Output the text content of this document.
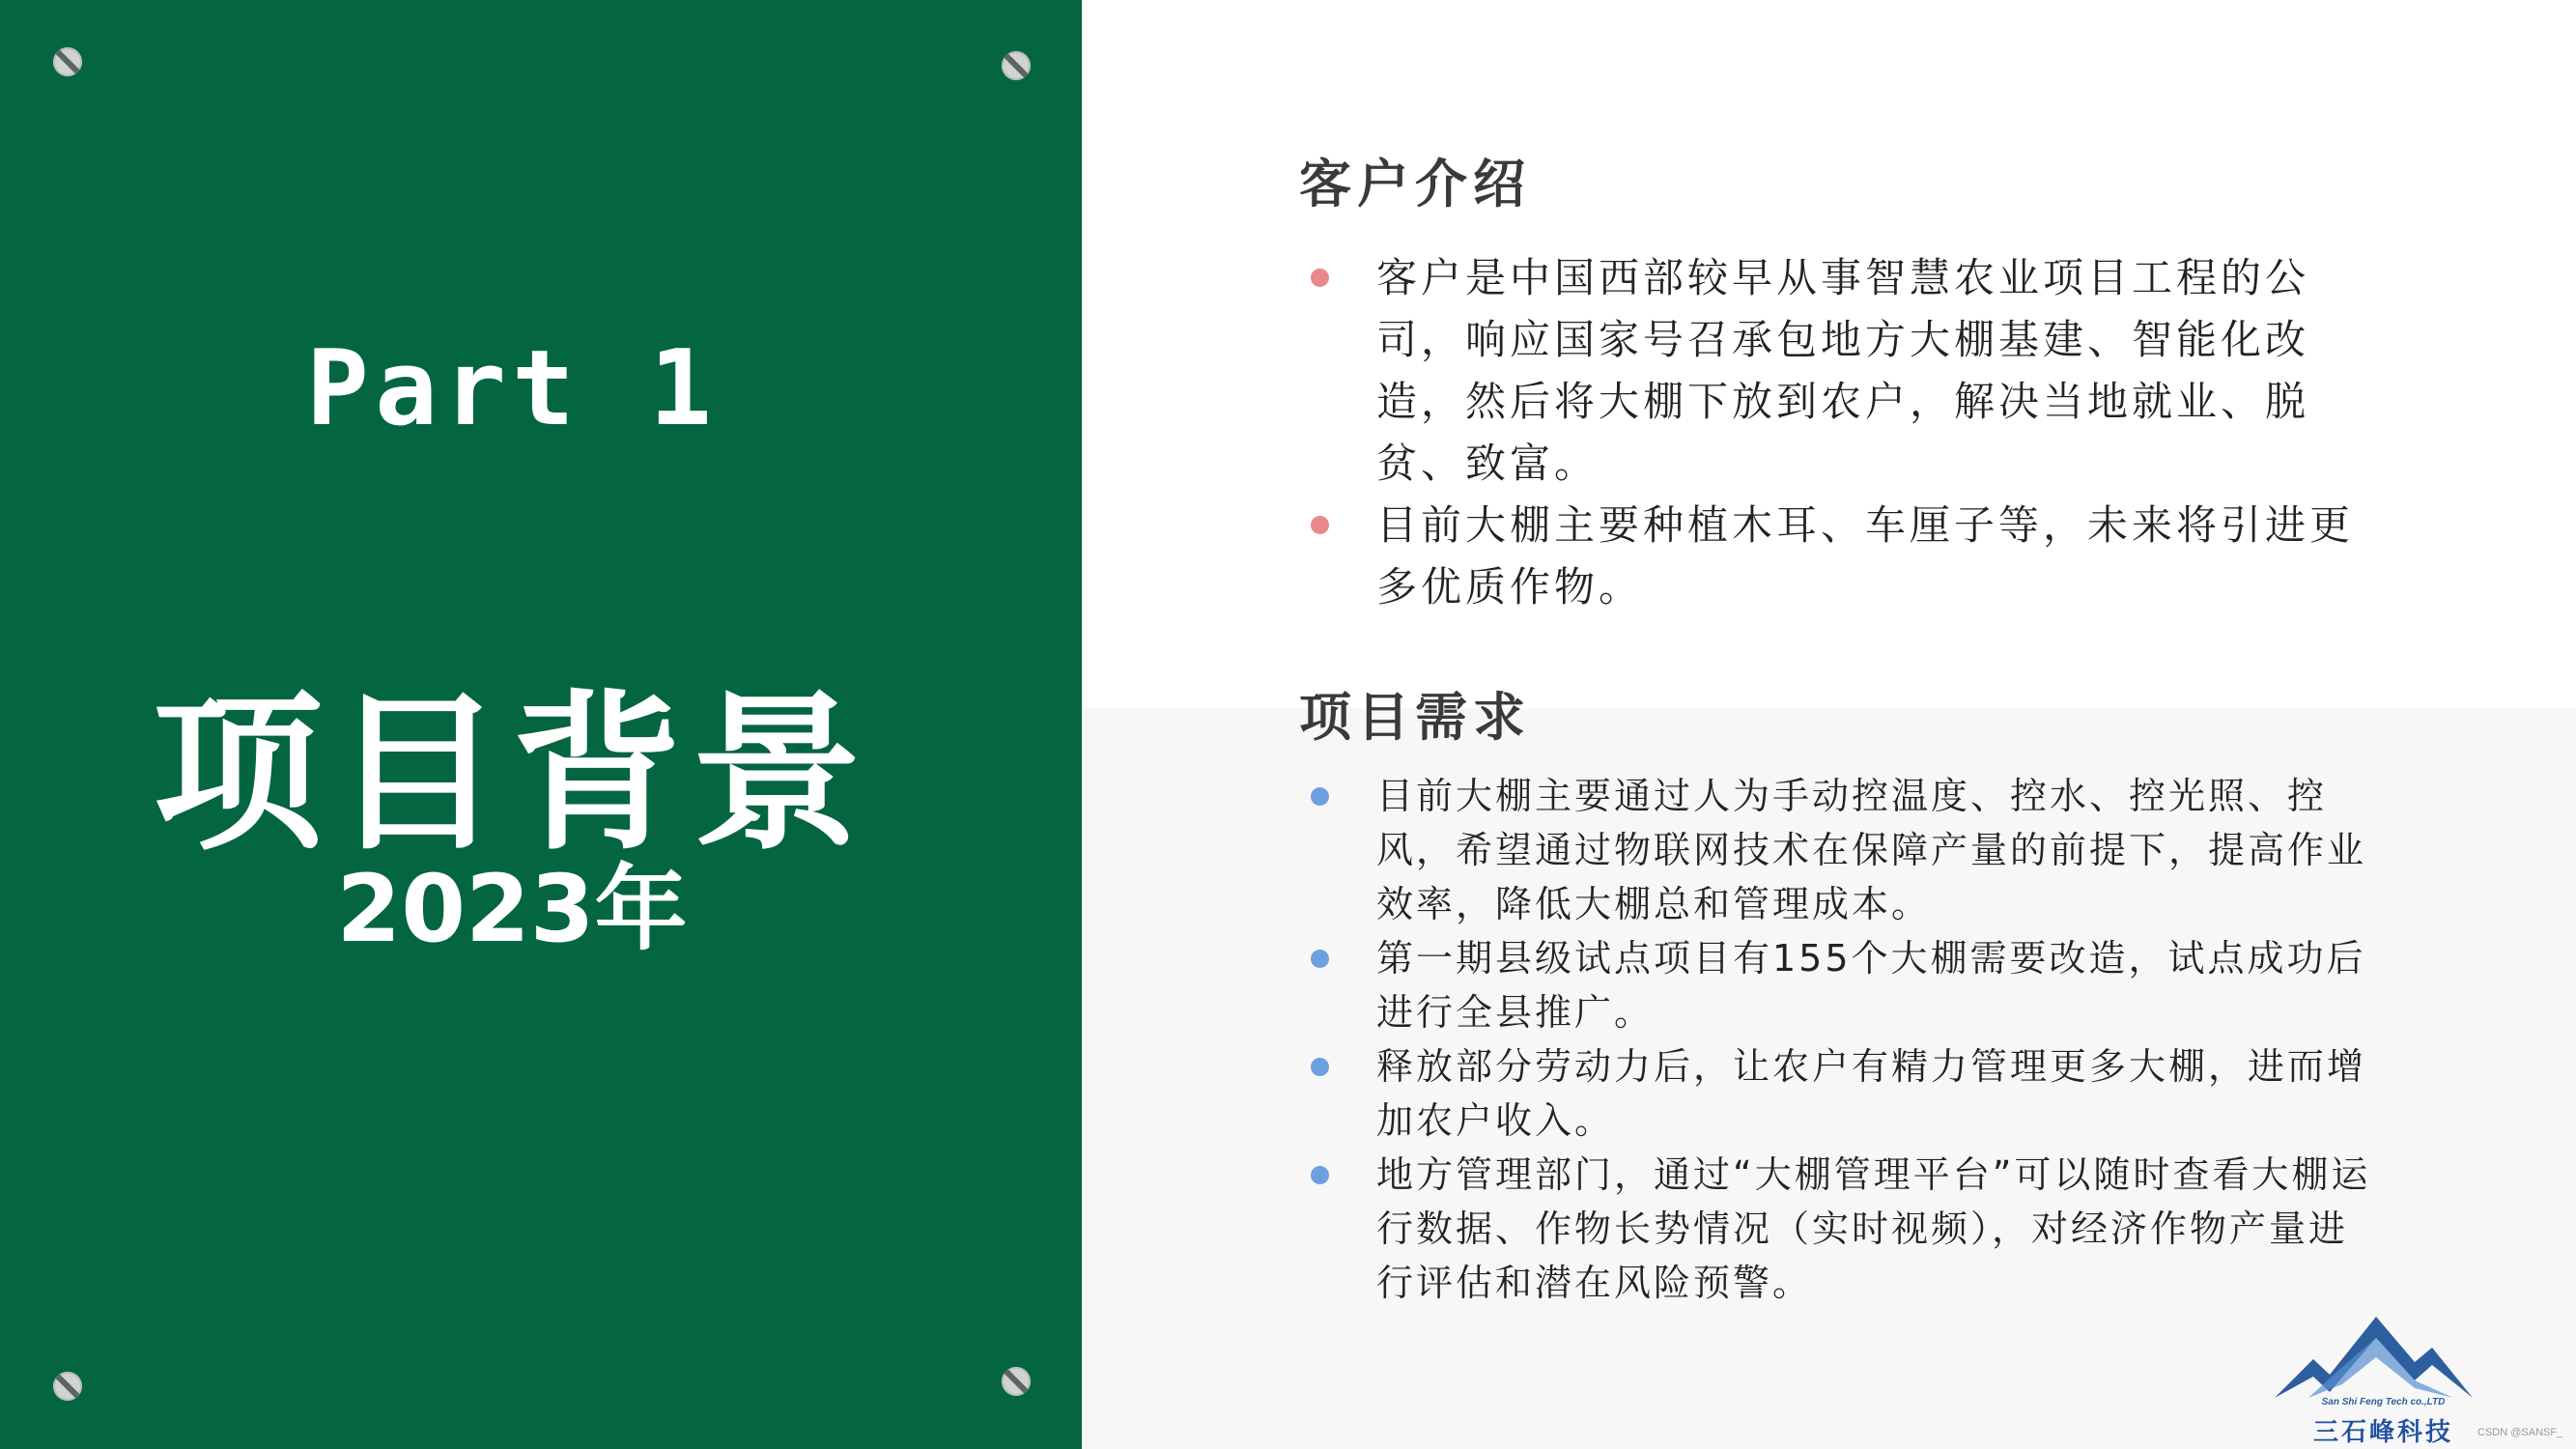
Part 1
项目背景
2023年
客户介绍
客户是中国西部较早从事智慧农业项目工程的公司，响应国家号召承包地方大棚基建、智能化改造，然后将大棚下放到农户，解决当地就业、脱贫、致富。
目前大棚主要种植木耳、车厘子等，未来将引进更多优质作物。
项目需求
目前大棚主要通过人为手动控温度、控水、控光照、控风，希望通过物联网技术在保障产量的前提下，提高作业效率，降低大棚总和管理成本。
第一期县级试点项目有155个大棚需要改造，试点成功后进行全县推广。
释放部分劳动力后，让农户有精力管理更多大棚，进而增加农户收入。
地方管理部门，通过“大棚管理平台”可以随时查看大棚运行数据、作物长势情况（实时视频），对经济作物产量进行评估和潜在风险预警。
San Shi Feng Tech co.,LTD
三石峰科技	CSDN @SANSF_
